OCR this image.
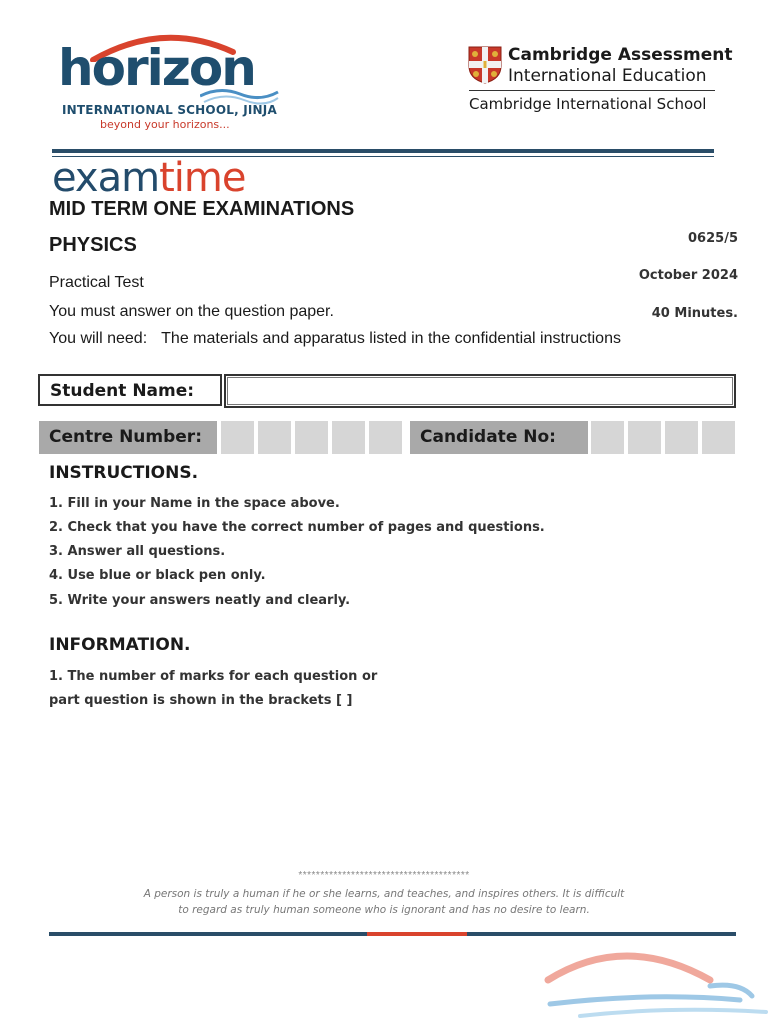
horizon
INTERNATIONAL SCHOOL, JINJA
beyond your horizons...
Cambridge Assessment
International Education
Cambridge International School
examtime
MID TERM ONE EXAMINATIONS
PHYSICS
Practical Test
You must answer on the question paper.
You will need: The materials and apparatus listed in the confidential instructions
0625/5
October 2024
40 Minutes.
Student Name:
Centre Number:	Candidate No:
INSTRUCTIONS.
1. Fill in your Name in the space above.
2. Check that you have the correct number of pages and questions.
3. Answer all questions.
4. Use blue or black pen only.
5. Write your answers neatly and clearly.
INFORMATION.
1. The number of marks for each question or
part question is shown in the brackets [ ]
***************************************
A person is truly a human if he or she learns, and teaches, and inspires others. It is difficult
to regard as truly human someone who is ignorant and has no desire to learn.
